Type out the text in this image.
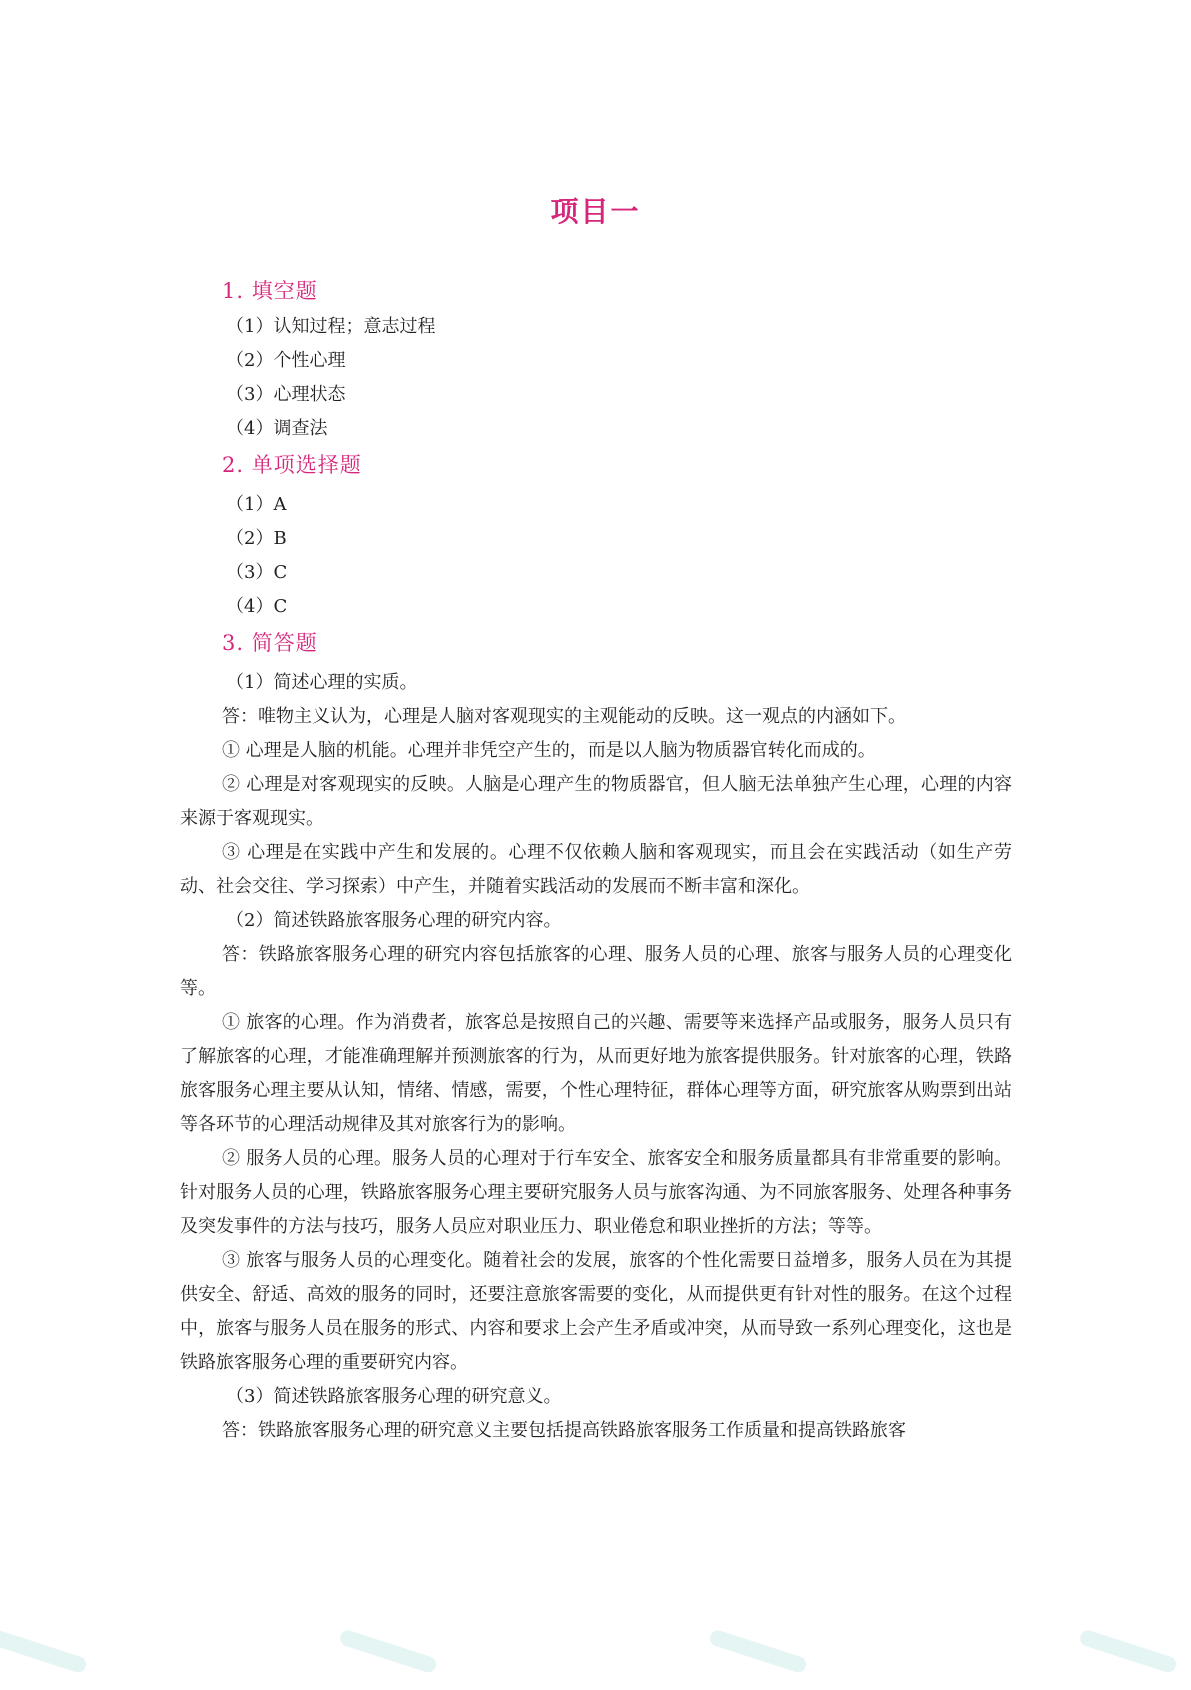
项目一
1. 填空题
（1）认知过程；意志过程
（2）个性心理
（3）心理状态
（4）调查法
2. 单项选择题
（1）A
（2）B
（3）C
（4）C
3. 简答题

（1）简述心理的实质。

答：唯物主义认为，心理是人脑对客观现实的主观能动的反映。这一观点的内涵如下。

① 心理是人脑的机能。心理并非凭空产生的，而是以人脑为物质器官转化而成的。

② 心理是对客观现实的反映。人脑是心理产生的物质器官，但人脑无法单独产生心理，心理的内容来源于客观现实。

③ 心理是在实践中产生和发展的。心理不仅依赖人脑和客观现实，而且会在实践活动（如生产劳动、社会交往、学习探索）中产生，并随着实践活动的发展而不断丰富和深化。

（2）简述铁路旅客服务心理的研究内容。

答：铁路旅客服务心理的研究内容包括旅客的心理、服务人员的心理、旅客与服务人员的心理变化等。

① 旅客的心理。作为消费者，旅客总是按照自己的兴趣、需要等来选择产品或服务，服务人员只有了解旅客的心理，才能准确理解并预测旅客的行为，从而更好地为旅客提供服务。针对旅客的心理，铁路旅客服务心理主要从认知，情绪、情感，需要，个性心理特征，群体心理等方面，研究旅客从购票到出站等各环节的心理活动规律及其对旅客行为的影响。

② 服务人员的心理。服务人员的心理对于行车安全、旅客安全和服务质量都具有非常重要的影响。针对服务人员的心理，铁路旅客服务心理主要研究服务人员与旅客沟通、为不同旅客服务、处理各种事务及突发事件的方法与技巧，服务人员应对职业压力、职业倦怠和职业挫折的方法；等等。

③ 旅客与服务人员的心理变化。随着社会的发展，旅客的个性化需要日益增多，服务人员在为其提供安全、舒适、高效的服务的同时，还要注意旅客需要的变化，从而提供更有针对性的服务。在这个过程中，旅客与服务人员在服务的形式、内容和要求上会产生矛盾或冲突，从而导致一系列心理变化，这也是铁路旅客服务心理的重要研究内容。

（3）简述铁路旅客服务心理的研究意义。

答：铁路旅客服务心理的研究意义主要包括提高铁路旅客服务工作质量和提高铁路旅客
